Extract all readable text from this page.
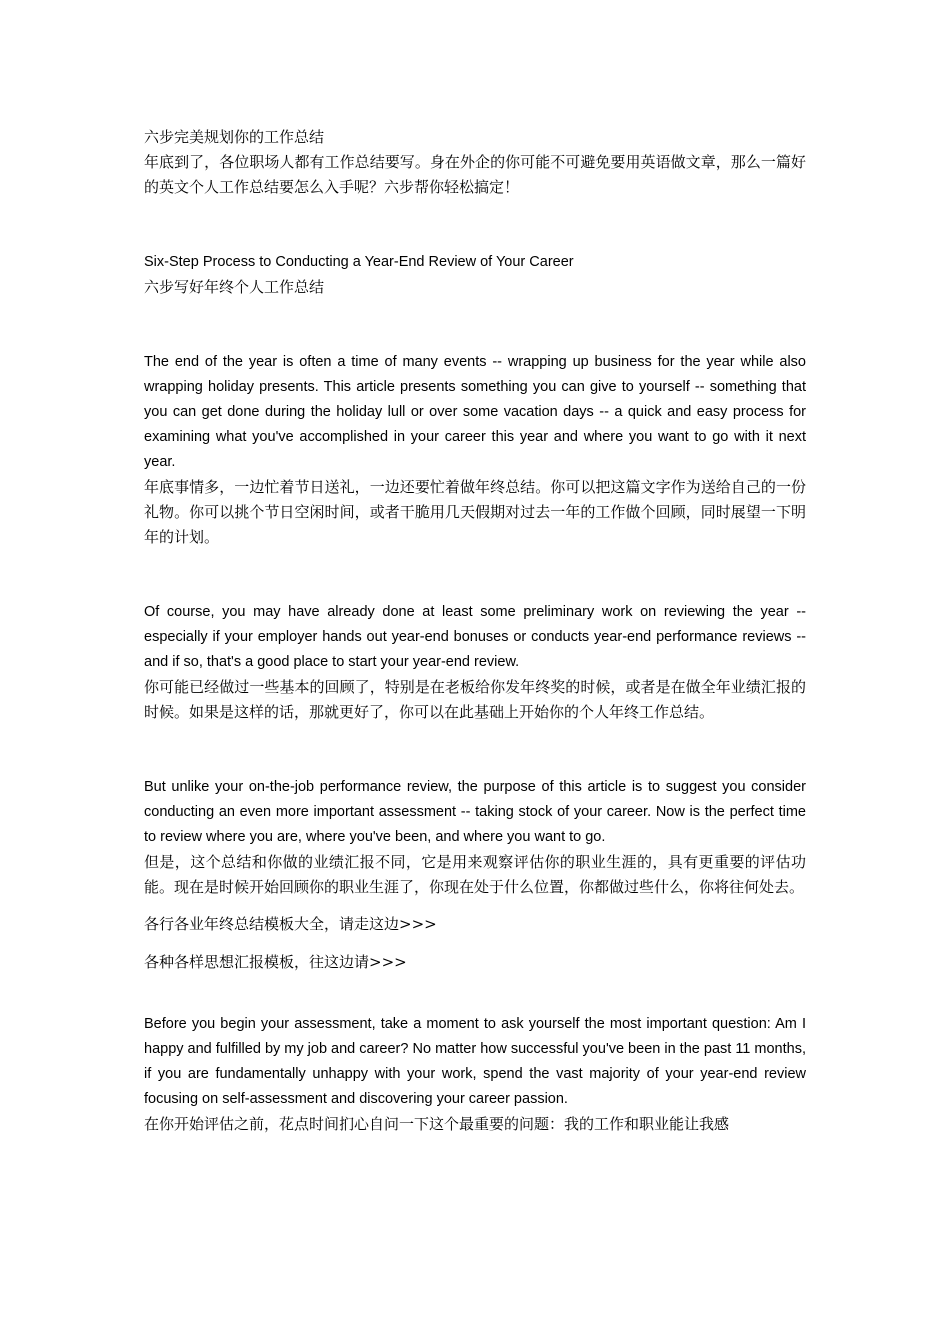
六步完美规划你的工作总结

年底到了，各位职场人都有工作总结要写。身在外企的你可能不可避免要用英语做文章，那么一篇好的英文个人工作总结要怎么入手呢？六步帮你轻松搞定！

Six-Step Process to Conducting a Year-End Review of Your Career

六步写好年终个人工作总结

The end of the year is often a time of many events -- wrapping up business for the year while also wrapping holiday presents. This article presents something you can give to yourself -- something that you can get done during the holiday lull or over some vacation days -- a quick and easy process for examining what you've accomplished in your career this year and where you want to go with it next year.

年底事情多，一边忙着节日送礼，一边还要忙着做年终总结。你可以把这篇文字作为送给自己的一份礼物。你可以挑个节日空闲时间，或者干脆用几天假期对过去一年的工作做个回顾，同时展望一下明年的计划。

Of course, you may have already done at least some preliminary work on reviewing the year -- especially if your employer hands out year-end bonuses or conducts year-end performance reviews -- and if so, that's a good place to start your year-end review.

你可能已经做过一些基本的回顾了，特别是在老板给你发年终奖的时候，或者是在做全年业绩汇报的时候。如果是这样的话，那就更好了，你可以在此基础上开始你的个人年终工作总结。

But unlike your on-the-job performance review, the purpose of this article is to suggest you consider conducting an even more important assessment -- taking stock of your career. Now is the perfect time to review where you are, where you've been, and where you want to go.

但是，这个总结和你做的业绩汇报不同，它是用来观察评估你的职业生涯的，具有更重要的评估功能。现在是时候开始回顾你的职业生涯了，你现在处于什么位置，你都做过些什么，你将往何处去。

各行各业年终总结模板大全，请走这边>>>

各种各样思想汇报模板，往这边请>>>

Before you begin your assessment, take a moment to ask yourself the most important question: Am I happy and fulfilled by my job and career? No matter how successful you've been in the past 11 months, if you are fundamentally unhappy with your work, spend the vast majority of your year-end review focusing on self-assessment and discovering your career passion.

在你开始评估之前，花点时间扪心自问一下这个最重要的问题：我的工作和职业能让我感
